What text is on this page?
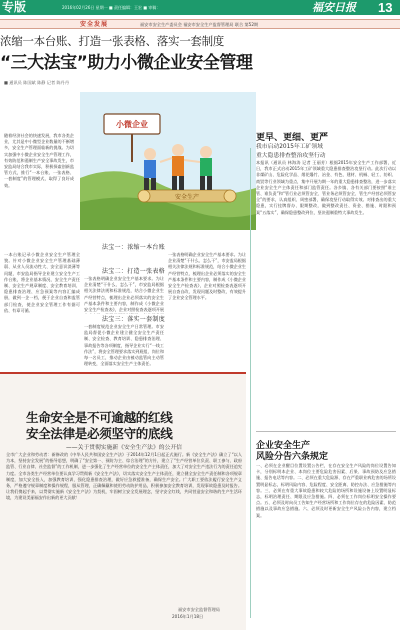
专版	2016年02月26日 星期一 ■ 责任编辑：王宏 ■ 审稿：	福安日报 13
安全发展	福安市安全生产委员会 福安市安全生产监督管理局 联合 第52期
浓缩一本台账、打造一张表格、落实一套制度
“三大法宝”助力小微企业安全管理
■ 通讯员 陈国斌 陈静 记者 陈丹丹
随着经济社会的快速发展，我市各类企业，尤其是中小微型企业数量的不断增多，安全生产管理面临新的挑战。为切实加强中小微企业安全生产管理工作，有效防范和遏制生产安全事故发生，市安监局结合我市实际，积极探索创新监管方式，推行“一本台账、一张表格、一套制度”的管理模式，取得了良好成效。
小微企业
安全生产
法宝一：浓缩一本台账
法宝二：打造一张表格
法宝三：落实一套制度
一本台账记录小微企业安全生产管理全貌。针对小微企业安全生产管理基础薄弱、从业人员流动性大、安全意识淡薄等问题，市安监局指导企业建立安全生产工作台账，将企业基本情况、安全生产责任制、安全生产规章制度、安全教育培训、隐患排查治理、应急预案等内容汇编成册，做到一企一档，便于企业自查和监管部门检查，使企业安全管理工作有据可依、有章可循。
一张表格明确企业安全生产基本要求。为让企业清楚“干什么、怎么干”，市安监局根据相关法律法规和标准规范，结合小微企业生产经营特点，梳理出企业必须落实的安全生产基本条件和主要内容，制作成《小微企业安全生产检查表》，企业对照检查表逐项开展
一套制度规范企业安全生产日常管理。市安监局督促小微企业建立健全安全生产责任制、安全检查、教育培训、隐患排查治理、事故报告等各项制度，指导企业实行“一线工作法”，将安全管理要求落实到班组、岗位和每一名员工，推动企业由被动监管向主动管理转变，全面落实安全生产主体责任。
一张表格明确企业安全生产基本要求。为让企业清楚“干什么、怎么干”，市安监局根据相关法律法规和标准规范，结合小微企业生产经营特点，梳理出企业必须落实的安全生产基本条件和主要内容，制作成《小微企业安全生产检查表》，企业对照检查表逐项开展自查自改，发现问题及时整改，有效提升了企业安全管理水平。
更早、更细、更严
我市启动2015年工矿领域
重大隐患排查整治攻坚行动
本报讯（通讯员 林海涛 记者 王丽芳）根据2015年安全生产工作部署，近日，我市正式启动2015年工矿领域重大隐患排查整治攻坚行动。此次行动以非煤矿山、危险化学品、烟花爆竹、冶金、有色、建材、机械、轻工、纺织、商贸等行业领域为重点，集中开展为期一年的重大隐患排查整治，进一步落实企业安全生产主体责任和部门监管责任。各乡镇、各有关部门要按照“谁主管、谁负责”和“管行业必须管安全、管业务必须管安全、管生产经营必须管安全”的要求，认真组织、周密部署，确保攻坚行动取得实效。对排查出的重大隐患，实行挂牌督办、限期整改，做到整改责任、资金、措施、时限和预案“五落实”，确保隐患整改到位，坚决遏制重特大事故发生。
企业安全生产
风险分告六条规定
一、必须在企业醒目位置设置公告栏，在存在安全生产风险的岗位设置告知卡，分别标明本企业、本岗位主要危险危害因素、后果、事故预防及应急措施、报告电话等内容。二、必须在重大危险源、存在严重职业病危害的场所设置明显标志，标明风险内容、危险程度、安全距离、防控办法、应急措施等内容。三、必须在有重大事故隐患和较大危险的场所和设施设备上设置明显标志，标明治理责任、期限及应急措施。四、必须在工作岗位标明安全操作要点。五、必须及时向员工告知生产经营场所和工作岗位存在的危险因素、防范措施以及事故应急措施。六、必须及时更新安全生产风险公告内容，建立档案。
生命安全是不可逾越的红线
安全法律是必须坚守的底线
——关于贯彻实施新《安全生产法》的公开信
全市广大企业和劳动者：新修改的《中华人民共和国安全生产法》于2014年12月1日起正式施行。新《安全生产法》确立了“以人为本，坚持安全发展”的指导思想，明确了“安全第一、预防为主、综合治理”的方针，建立了“生产经营单位负责、职工参与、政府监管、行业自律、社会监督”的工作机制，进一步强化了生产经营单位的安全生产主体责任，加大了对安全生产违法行为的责任追究力度。全市各类生产经营单位要认真学习贯彻新《安全生产法》，切实落实安全生产主体责任，建立健全安全生产责任制和各项规章制度，加大安全投入，加强教育培训，强化隐患排查治理，做好应急救援准备，确保生产安全。广大职工要依法履行安全生产义务，严格遵守规章制度和操作规程，服从管理，正确佩戴和使用劳动防护用品，积极参加安全教育培训，发现事故隐患及时报告。让我们携起手来，以贯彻实施新《安全生产法》为契机，牢固树立安全发展理念，坚守安全红线，共同营造安全和谐的生产生活环境，为建设美丽福安作出新的更大贡献！
福安市安全监督管理局
2016年1月18日
